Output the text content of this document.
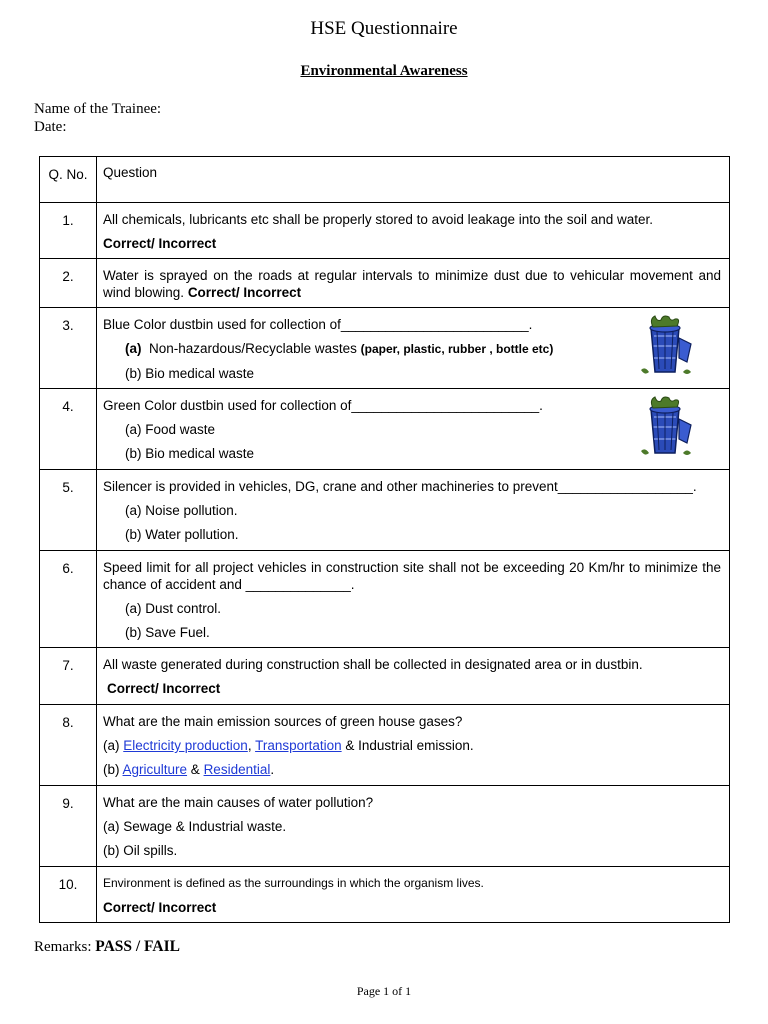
HSE Questionnaire
Environmental Awareness
Name of the Trainee:
Date:
Q. No.	Question
1.	All chemicals, lubricants etc shall be properly stored to avoid leakage into the soil and water.
Correct/ Incorrect

2.	Water is sprayed on the roads at regular intervals to minimize dust due to vehicular movement and wind blowing. Correct/ Incorrect
3.	Blue Color dustbin used for collection of_________________________.
(a) Non-hazardous/Recyclable wastes (paper, plastic, rubber , bottle etc)
(b) Bio medical waste

4.	Green Color dustbin used for collection of_________________________.
(a) Food waste
(b) Bio medical waste

5.	Silencer is provided in vehicles, DG, crane and other machineries to prevent__________________.
(a) Noise pollution.
(b) Water pollution.

6.	Speed limit for all project vehicles in construction site shall not be exceeding 20 Km/hr to minimize the chance of accident and ______________.
(a) Dust control.
(b) Save Fuel.

7.	All waste generated during construction shall be collected in designated area or in dustbin.
Correct/ Incorrect

8.	What are the main emission sources of green house gases?
(a) Electricity production, Transportation & Industrial emission.
(b) Agriculture & Residential.

9.	What are the main causes of water pollution?
(a) Sewage & Industrial waste.
(b) Oil spills.

10.	Environment is defined as the surroundings in which the organism lives.
Correct/ Incorrect
Remarks: PASS / FAIL
Page 1 of 1
